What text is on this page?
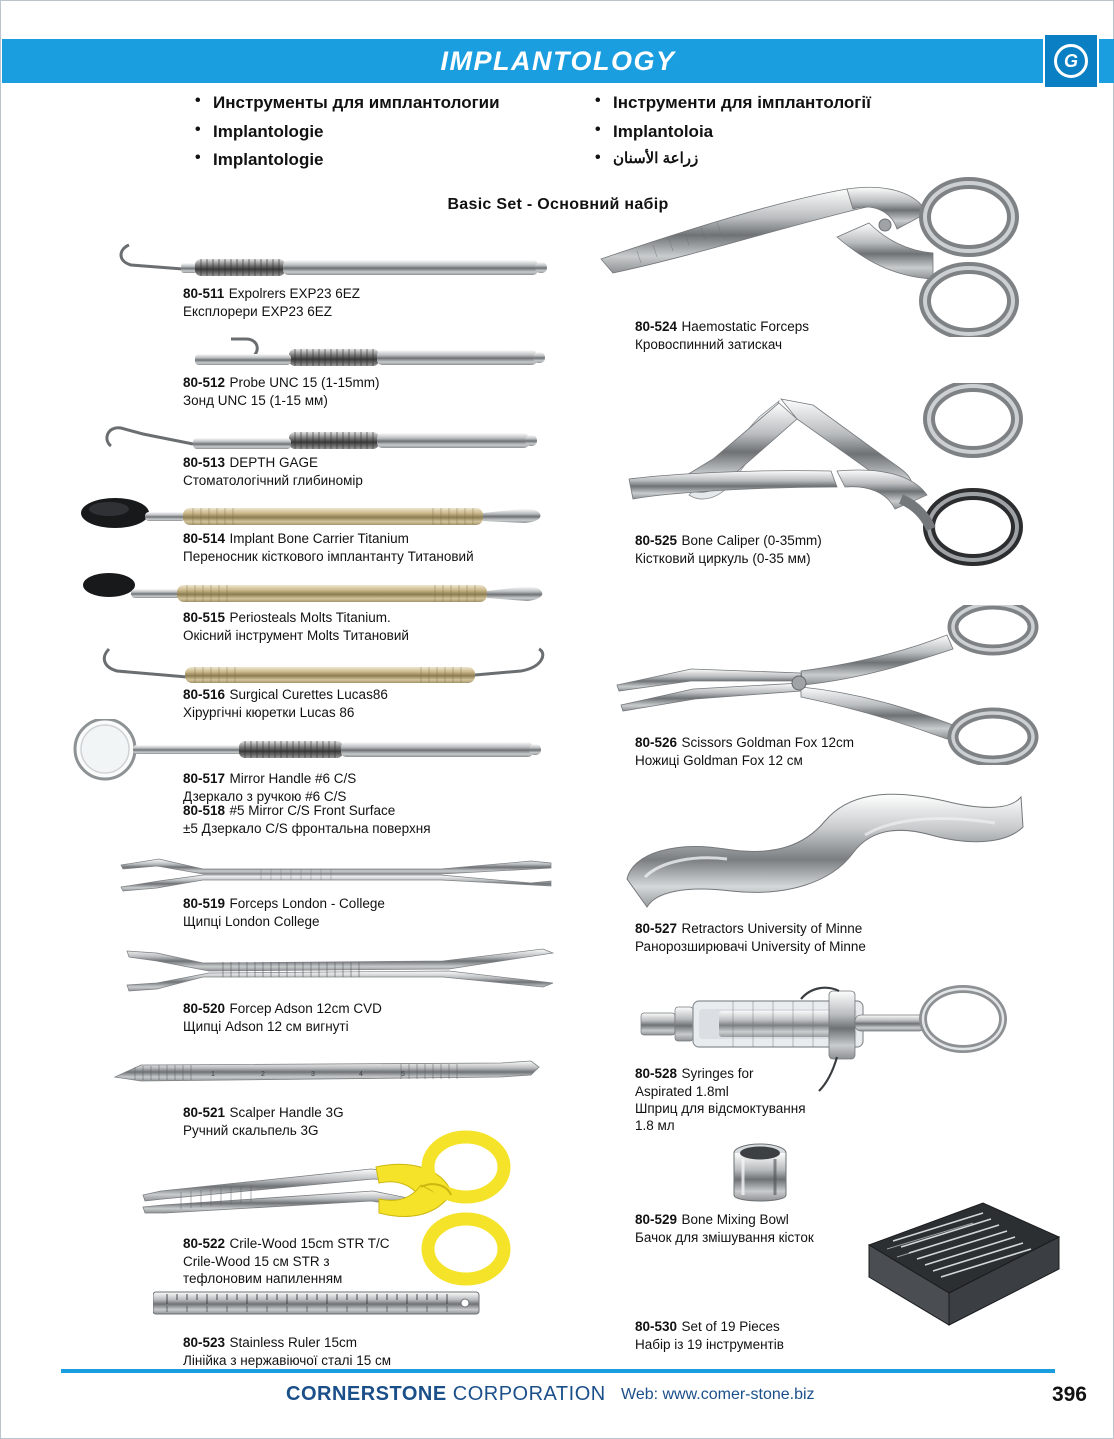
IMPLANTOLOGY	G
• Инструменты для имплантологии
• Implantologie
• Implantologie
• Інструменти для імплантології
• Implantoloia
• زراعة الأسنان
Basic Set - Основний набір
80-511 Expolrers EXP23 6EZ
Експлорери EXP23 6EZ
80-512 Probe UNC 15 (1-15mm)
Зонд UNC 15 (1-15 мм)
80-513 DEPTH GAGE
Стоматологічний глибиномір
80-514 Implant Bone Carrier Titanium
Переносник кісткового імплантанту Титановий
80-515 Periosteals Molts Titanium.
Окісний інструмент Molts Титановий
80-516 Surgical Curettes Lucas86
Хірургічні кюретки Lucas 86
80-517 Mirror Handle #6 C/S
Дзеркало з ручкою #6 C/S
80-518 #5 Mirror C/S Front Surface
±5 Дзеркало C/S фронтальна поверхня
80-519 Forceps London - College
Щипці London College
80-520 Forcep Adson 12cm CVD
Щипці Adson 12 см вигнуті
1	2	3	4	5
80-521 Scalper Handle 3G
Ручний скальпель 3G
80-522 Crile-Wood 15cm STR T/C
Crile-Wood 15 см STR з
тефлоновим напиленням
80-523 Stainless Ruler 15cm
Лінійка з нержавіючої сталі 15 см
80-524 Haemostatic Forceps
Кровоспинний затискач
80-525 Bone Caliper (0-35mm)
Кістковий циркуль (0-35 мм)
80-526 Scissors Goldman Fox 12cm
Ножиці Goldman Fox 12 см
80-527 Retractors University of Minne
Ранорозширювачі University of Minne
80-528 Syringes for
Aspirated 1.8ml
Шприц для відсмоктування
1.8 мл
80-529 Bone Mixing Bowl
Бачок для змішування кісток
80-530 Set of 19 Pieces
Набір із 19 інструментів
CORNERSTONE CORPORATION Web: www.comer-stone.biz	396
